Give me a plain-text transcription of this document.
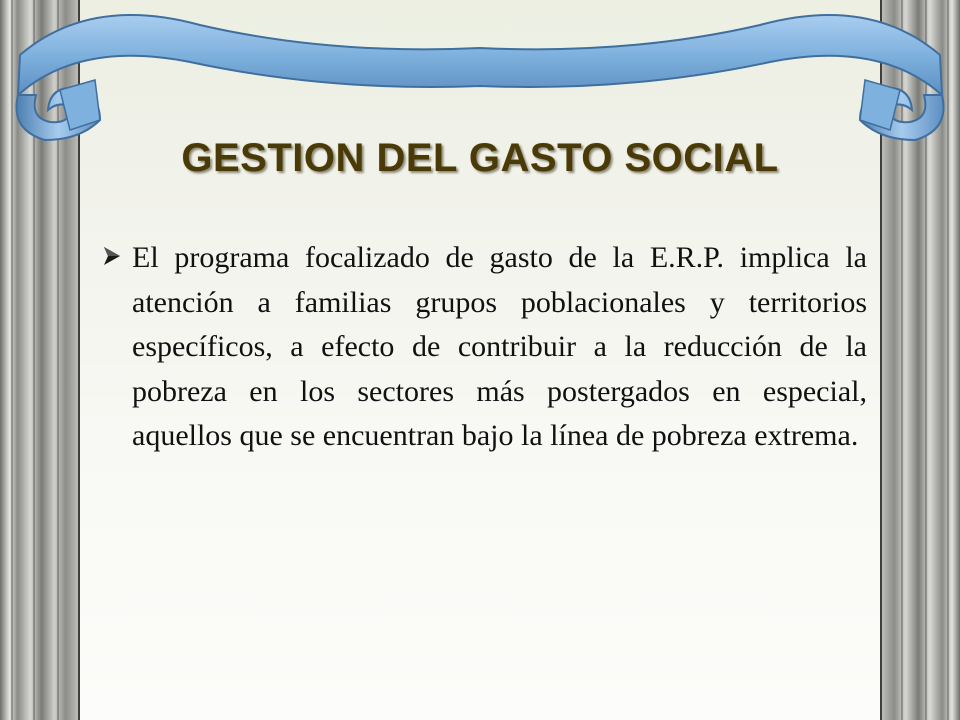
GESTION DEL GASTO SOCIAL

El programa focalizado de gasto de la E.R.P. implica la atención a familias grupos poblacionales y territorios específicos, a efecto de contribuir a la reducción de la pobreza en los sectores más postergados en especial, aquellos que se encuentran bajo la línea de pobreza extrema.
